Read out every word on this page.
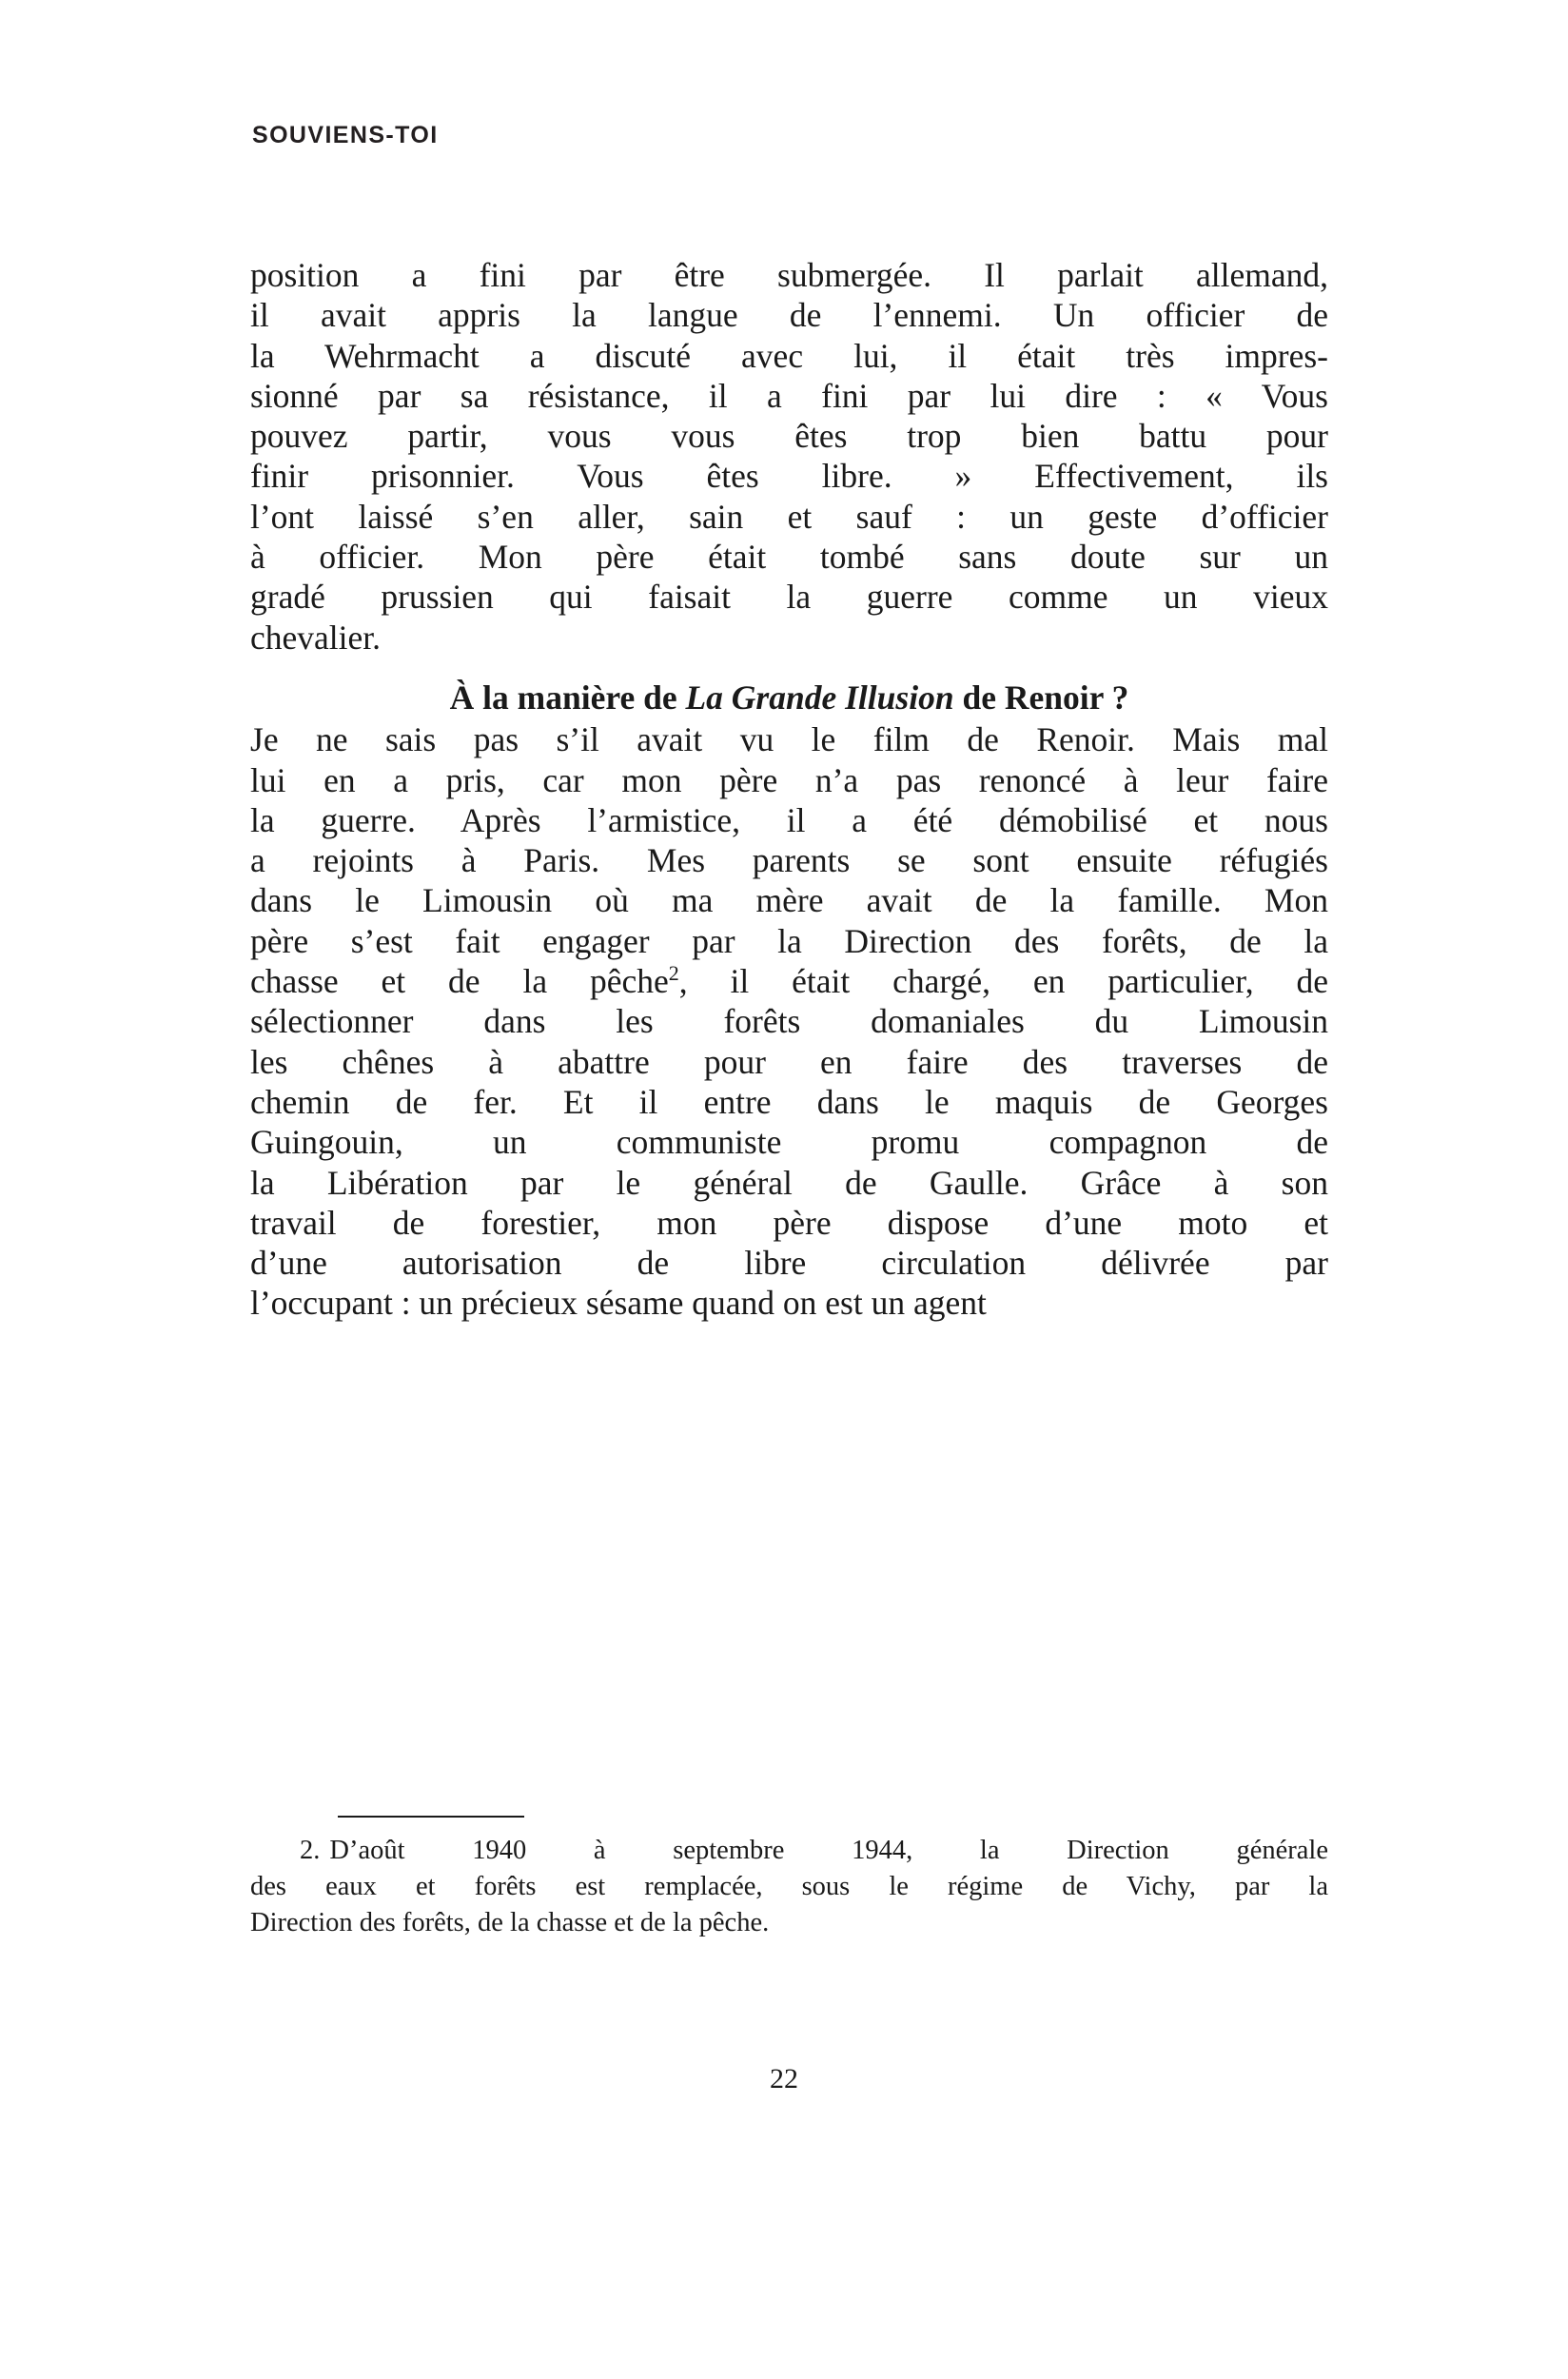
SOUVIENS-TOI

position a fini par être submergée. Il parlait allemand,
il avait appris la langue de l’ennemi. Un officier de
la Wehrmacht a discuté avec lui, il était très impres-
sionné par sa résistance, il a fini par lui dire : « Vous
pouvez partir, vous vous êtes trop bien battu pour
finir prisonnier. Vous êtes libre. » Effectivement, ils
l’ont laissé s’en aller, sain et sauf : un geste d’officier
à officier. Mon père était tombé sans doute sur un
gradé prussien qui faisait la guerre comme un vieux
chevalier.

À la manière de La Grande Illusion de Renoir ?

Je ne sais pas s’il avait vu le film de Renoir. Mais mal
lui en a pris, car mon père n’a pas renoncé à leur faire
la guerre. Après l’armistice, il a été démobilisé et nous
a rejoints à Paris. Mes parents se sont ensuite réfugiés
dans le Limousin où ma mère avait de la famille. Mon
père s’est fait engager par la Direction des forêts, de la
chasse et de la pêche$^2$, il était chargé, en particulier, de
sélectionner dans les forêts domaniales du Limousin
les chênes à abattre pour en faire des traverses de
chemin de fer. Et il entre dans le maquis de Georges
Guingouin, un communiste promu compagnon de
la Libération par le général de Gaulle. Grâce à son
travail de forestier, mon père dispose d’une moto et
d’une autorisation de libre circulation délivrée par
l’occupant : un précieux sésame quand on est un agent

2. D’août 1940 à septembre 1944, la Direction générale
des eaux et forêts est remplacée, sous le régime de Vichy, par la
Direction des forêts, de la chasse et de la pêche.

22
